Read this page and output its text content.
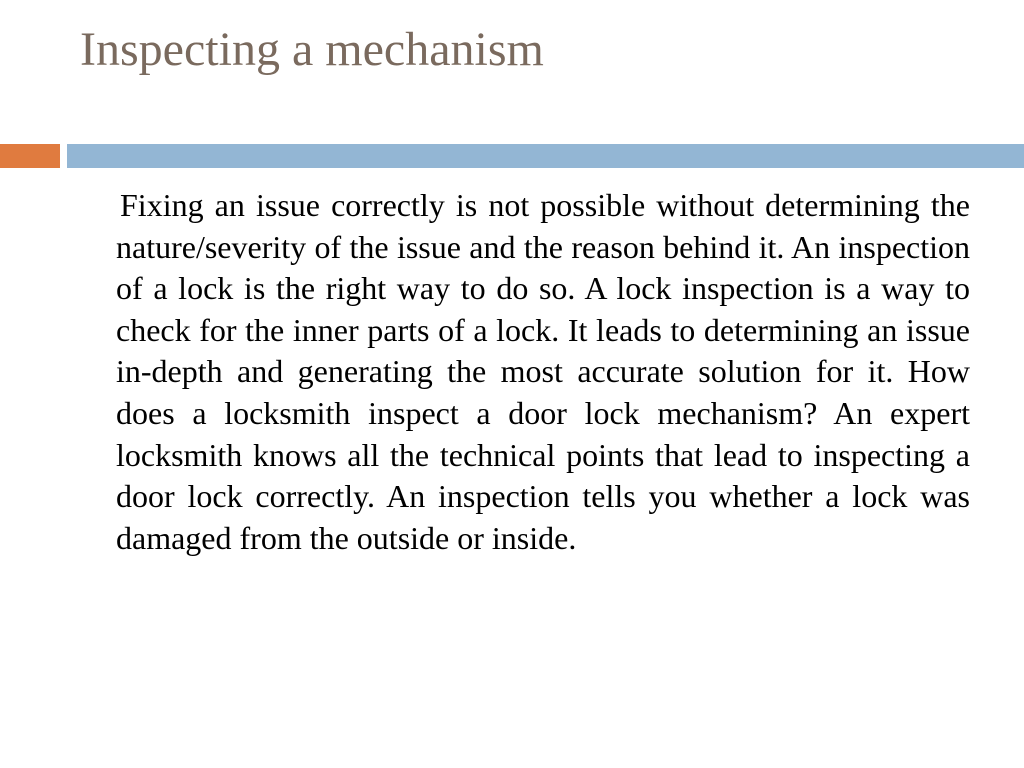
Inspecting a mechanism

Fixing an issue correctly is not possible without determining the nature/severity of the issue and the reason behind it. An inspection of a lock is the right way to do so. A lock inspection is a way to check for the inner parts of a lock. It leads to determining an issue in-depth and generating the most accurate solution for it. How does a locksmith inspect a door lock mechanism? An expert locksmith knows all the technical points that lead to inspecting a door lock correctly. An inspection tells you whether a lock was damaged from the outside or inside.
